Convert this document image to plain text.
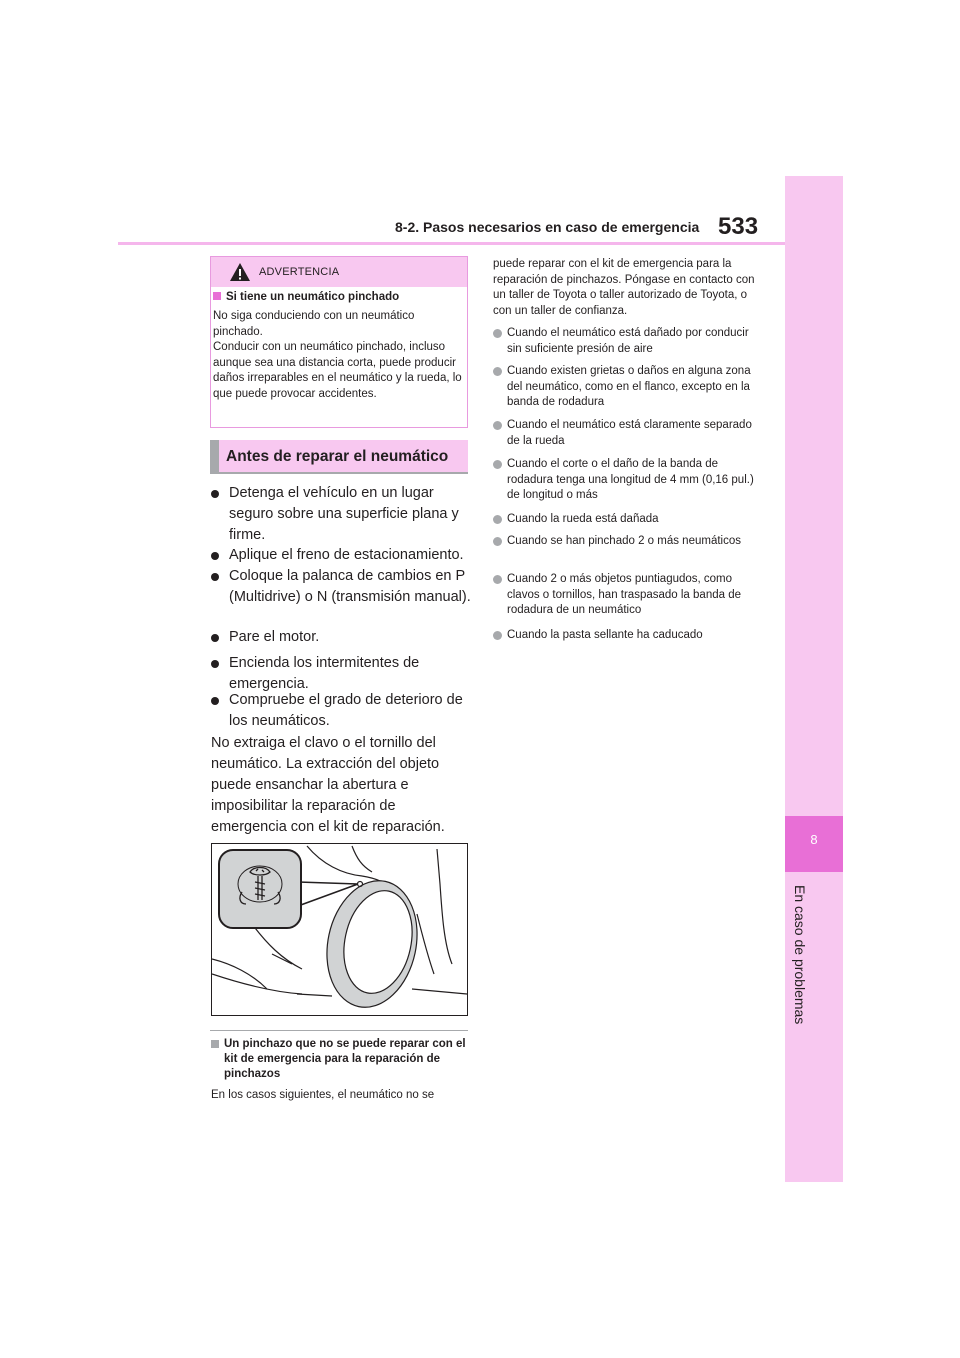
8
En caso de problemas
8-2. Pasos necesarios en caso de emergencia 533
ADVERTENCIA
Si tiene un neumático pinchado
No siga conduciendo con un neumático pinchado.
Conducir con un neumático pinchado, incluso aunque sea una distancia corta, puede producir daños irreparables en el neumático y la rueda, lo que puede provocar accidentes.
Antes de reparar el neumático
Detenga el vehículo en un lugar seguro sobre una superficie plana y firme.
Aplique el freno de estacionamiento.
Coloque la palanca de cambios en P (Multidrive) o N (transmisión manual).
Pare el motor.
Encienda los intermitentes de emergencia.
Compruebe el grado de deterioro de los neumáticos.
No extraiga el clavo o el tornillo del neumático. La extracción del objeto puede ensanchar la abertura e imposibilitar la reparación de emergencia con el kit de reparación.
Un pinchazo que no se puede reparar con el kit de emergencia para la reparación de pinchazos
En los casos siguientes, el neumático no se
puede reparar con el kit de emergencia para la reparación de pinchazos. Póngase en contacto con un taller de Toyota o taller autorizado de Toyota, o con un taller de confianza.
Cuando el neumático está dañado por conducir sin suficiente presión de aire
Cuando existen grietas o daños en alguna zona del neumático, como en el flanco, excepto en la banda de rodadura
Cuando el neumático está claramente separado de la rueda
Cuando el corte o el daño de la banda de rodadura tenga una longitud de 4 mm (0,16 pul.) de longitud o más
Cuando la rueda está dañada
Cuando se han pinchado 2 o más neumáticos
Cuando 2 o más objetos puntiagudos, como clavos o tornillos, han traspasado la banda de rodadura de un neumático
Cuando la pasta sellante ha caducado
